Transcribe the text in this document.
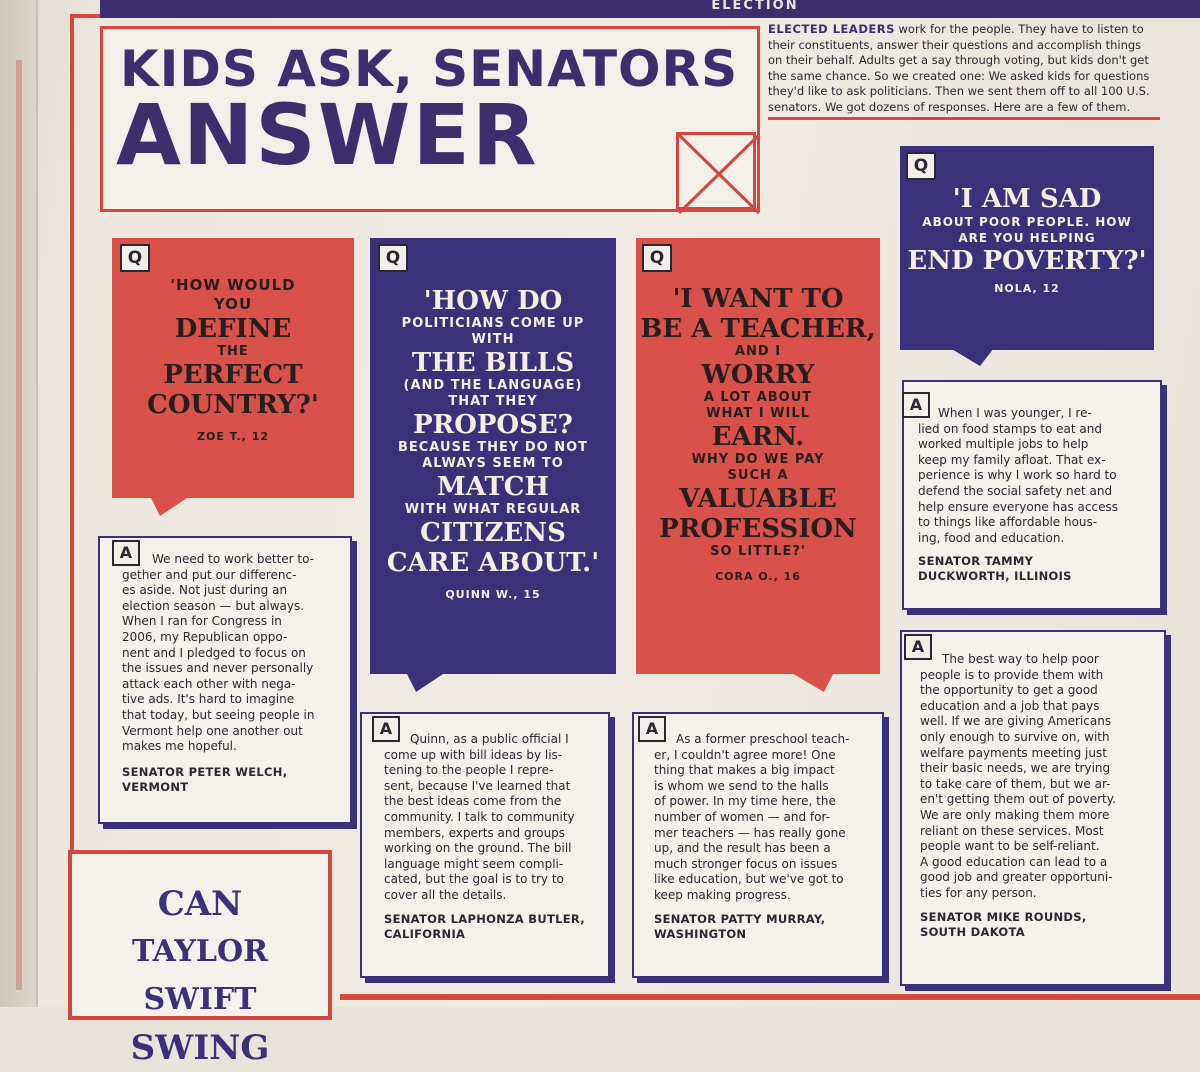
ELECTION
KIDS ASK, SENATORS
ANSWER
ELECTED LEADERS work for the people. They have to listen to
their constituents, answer their questions and accomplish things
on their behalf. Adults get a say through voting, but kids don't get
the same chance. So we created one: We asked kids for questions
they'd like to ask politicians. Then we sent them off to all 100 U.S.
senators. We got dozens of responses. Here are a few of them.
Q
'HOW WOULD
YOU
DEFINE
THE
PERFECT
COUNTRY?'
ZOE T., 12
Q
'HOW DO
POLITICIANS COME UP
WITH
THE BILLS
(AND THE LANGUAGE)
THAT THEY
PROPOSE?
BECAUSE THEY DO NOT
ALWAYS SEEM TO
MATCH
WITH WHAT REGULAR
CITIZENS
CARE ABOUT.'
QUINN W., 15
Q
'I WANT TO
BE A TEACHER,
AND I
WORRY
A LOT ABOUT
WHAT I WILL
EARN.
WHY DO WE PAY
SUCH A
VALUABLE
PROFESSION
SO LITTLE?'
CORA O., 16
Q
'I AM SAD
ABOUT POOR PEOPLE. HOW
ARE YOU HELPING
END POVERTY?'
NOLA, 12
A	We need to work better to-
gether and put our differenc-
es aside. Not just during an
election season — but always.
When I ran for Congress in
2006, my Republican oppo-
nent and I pledged to focus on
the issues and never personally
attack each other with nega-
tive ads. It's hard to imagine
that today, but seeing people in
Vermont help one another out
makes me hopeful.
SENATOR PETER WELCH,
VERMONT
A
Quinn, as a public official I
come up with bill ideas by lis-
tening to the people I repre-
sent, because I've learned that
the best ideas come from the
community. I talk to community
members, experts and groups
working on the ground. The bill
language might seem compli-
cated, but the goal is to try to
cover all the details.
SENATOR LAPHONZA BUTLER,
CALIFORNIA
A
As a former preschool teach-
er, I couldn't agree more! One
thing that makes a big impact
is whom we send to the halls
of power. In my time here, the
number of women — and for-
mer teachers — has really gone
up, and the result has been a
much stronger focus on issues
like education, but we've got to
keep making progress.
SENATOR PATTY MURRAY,
WASHINGTON
A	When I was younger, I re-
lied on food stamps to eat and
worked multiple jobs to help
keep my family afloat. That ex-
perience is why I work so hard to
defend the social safety net and
help ensure everyone has access
to things like affordable hous-
ing, food and education.
SENATOR TAMMY
DUCKWORTH, ILLINOIS
A
The best way to help poor
people is to provide them with
the opportunity to get a good
education and a job that pays
well. If we are giving Americans
only enough to survive on, with
welfare payments meeting just
their basic needs, we are trying
to take care of them, but we ar-
en't getting them out of poverty.
We are only making them more
reliant on these services. Most
people want to be self-reliant.
A good education can lead to a
good job and greater opportuni-
ties for any person.
SENATOR MIKE ROUNDS,
SOUTH DAKOTA
CAN
TAYLOR SWIFT
SWING
